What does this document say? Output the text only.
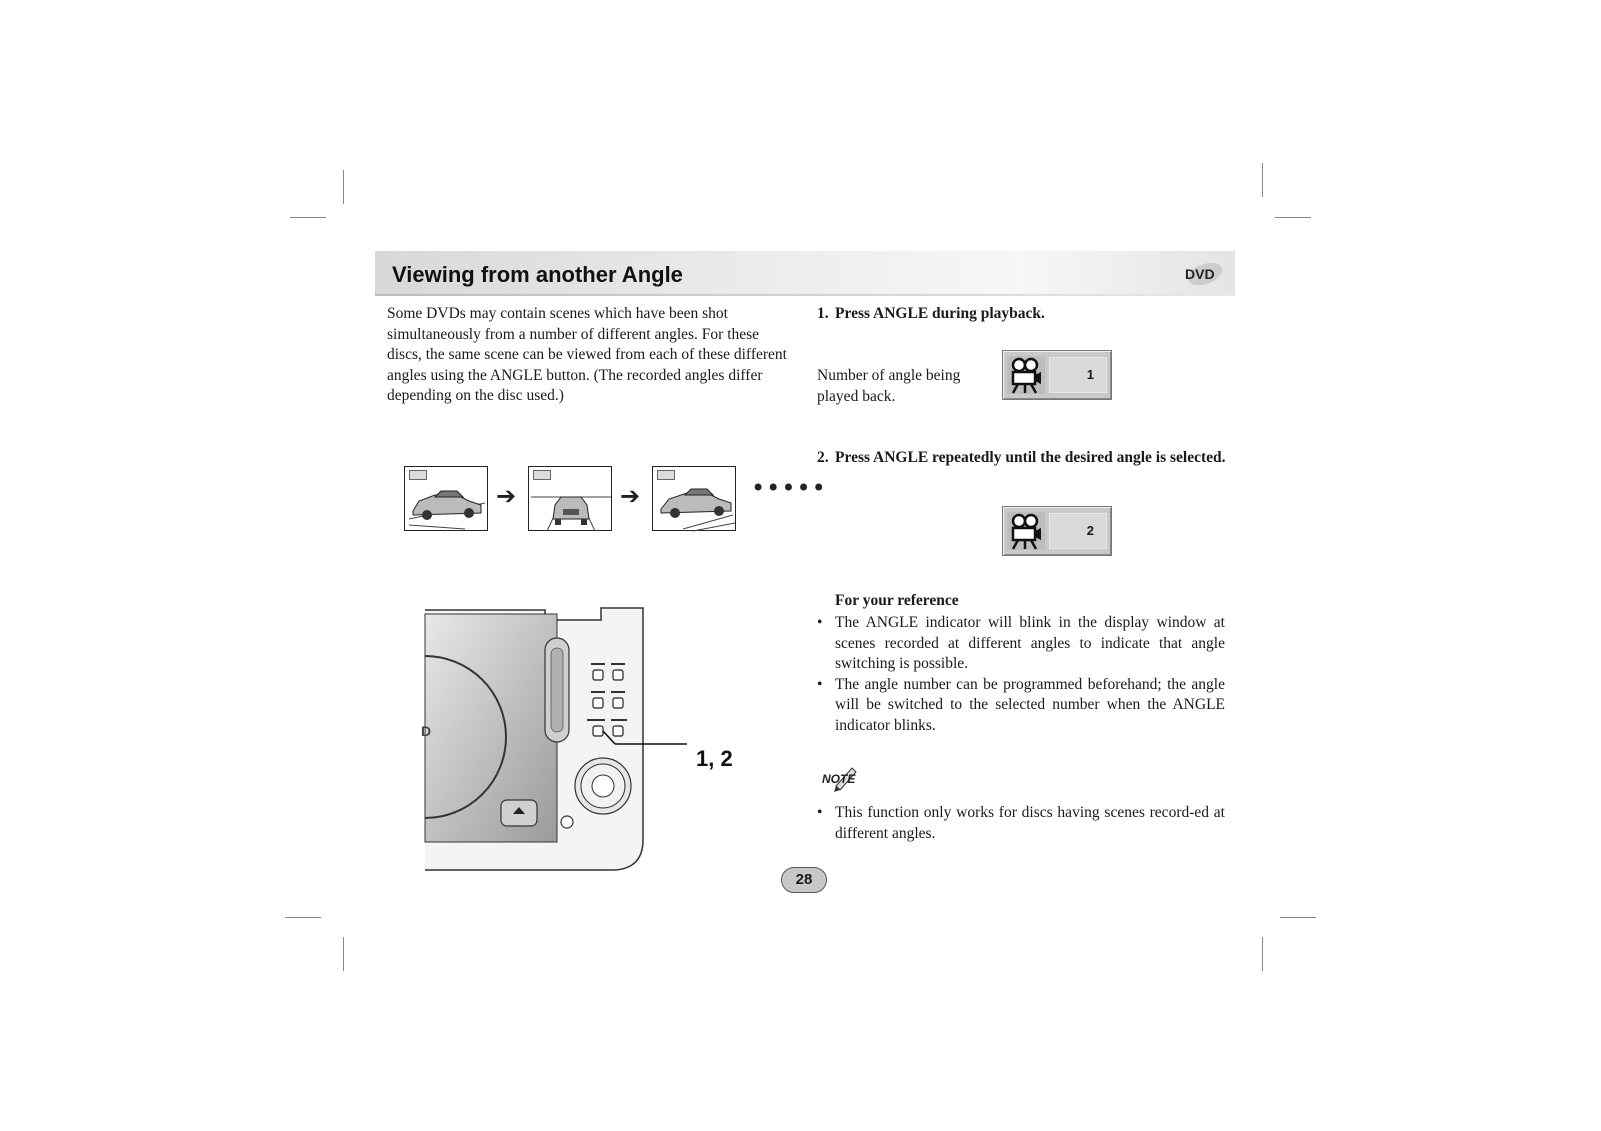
Viewing from another Angle	DVD
Some DVDs may contain scenes which have been shot simultaneously from a number of different angles. For these discs, the same scene can be viewed from each of these different angles using the ANGLE button. (The recorded angles differ depending on the disc used.)
➔	➔	•••••
D
1, 2
1. Press ANGLE during playback.
Number of angle being played back.
1
2. Press ANGLE repeatedly until the desired angle is selected.
2
For your reference
• The ANGLE indicator will blink in the display window at scenes recorded at different angles to indicate that angle switching is possible.
• The angle number can be programmed beforehand; the angle will be switched to the selected number when the ANGLE indicator blinks.
NOTE
• This function only works for discs having scenes record-ed at different angles.
28
